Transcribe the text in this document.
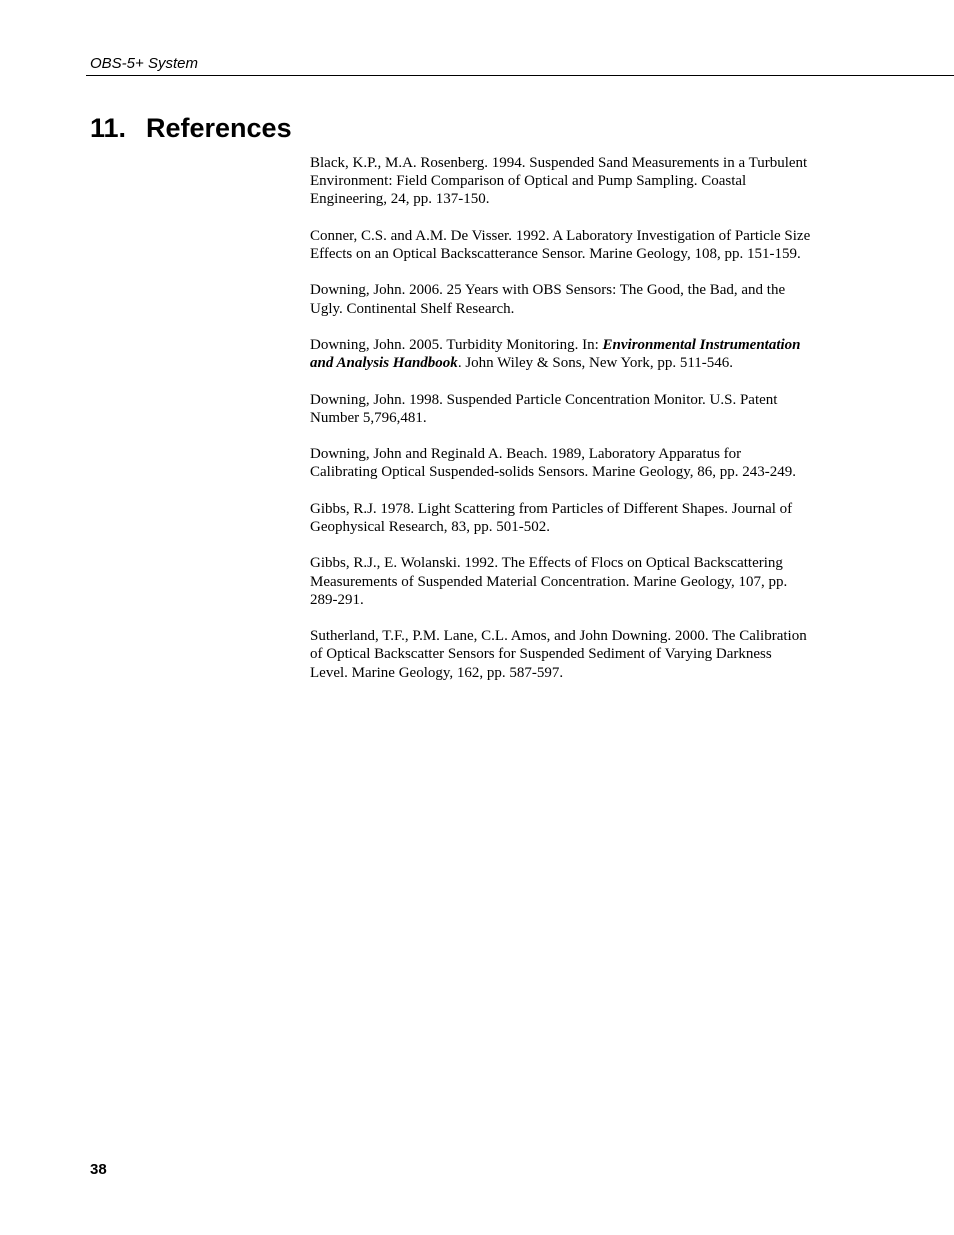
OBS-5+ System
11. References

Black, K.P., M.A. Rosenberg. 1994. Suspended Sand Measurements in a Turbulent Environment: Field Comparison of Optical and Pump Sampling. Coastal Engineering, 24, pp. 137-150.

Conner, C.S. and A.M. De Visser. 1992. A Laboratory Investigation of Particle Size Effects on an Optical Backscatterance Sensor. Marine Geology, 108, pp. 151-159.

Downing, John. 2006. 25 Years with OBS Sensors: The Good, the Bad, and the Ugly. Continental Shelf Research.

Downing, John. 2005. Turbidity Monitoring. In: Environmental Instrumentation and Analysis Handbook. John Wiley & Sons, New York, pp. 511-546.

Downing, John. 1998. Suspended Particle Concentration Monitor. U.S. Patent Number 5,796,481.

Downing, John and Reginald A. Beach. 1989, Laboratory Apparatus for Calibrating Optical Suspended-solids Sensors. Marine Geology, 86, pp. 243-249.

Gibbs, R.J. 1978. Light Scattering from Particles of Different Shapes. Journal of Geophysical Research, 83, pp. 501-502.

Gibbs, R.J., E. Wolanski. 1992. The Effects of Flocs on Optical Backscattering Measurements of Suspended Material Concentration. Marine Geology, 107, pp. 289-291.

Sutherland, T.F., P.M. Lane, C.L. Amos, and John Downing. 2000. The Calibration of Optical Backscatter Sensors for Suspended Sediment of Varying Darkness Level. Marine Geology, 162, pp. 587-597.

38
